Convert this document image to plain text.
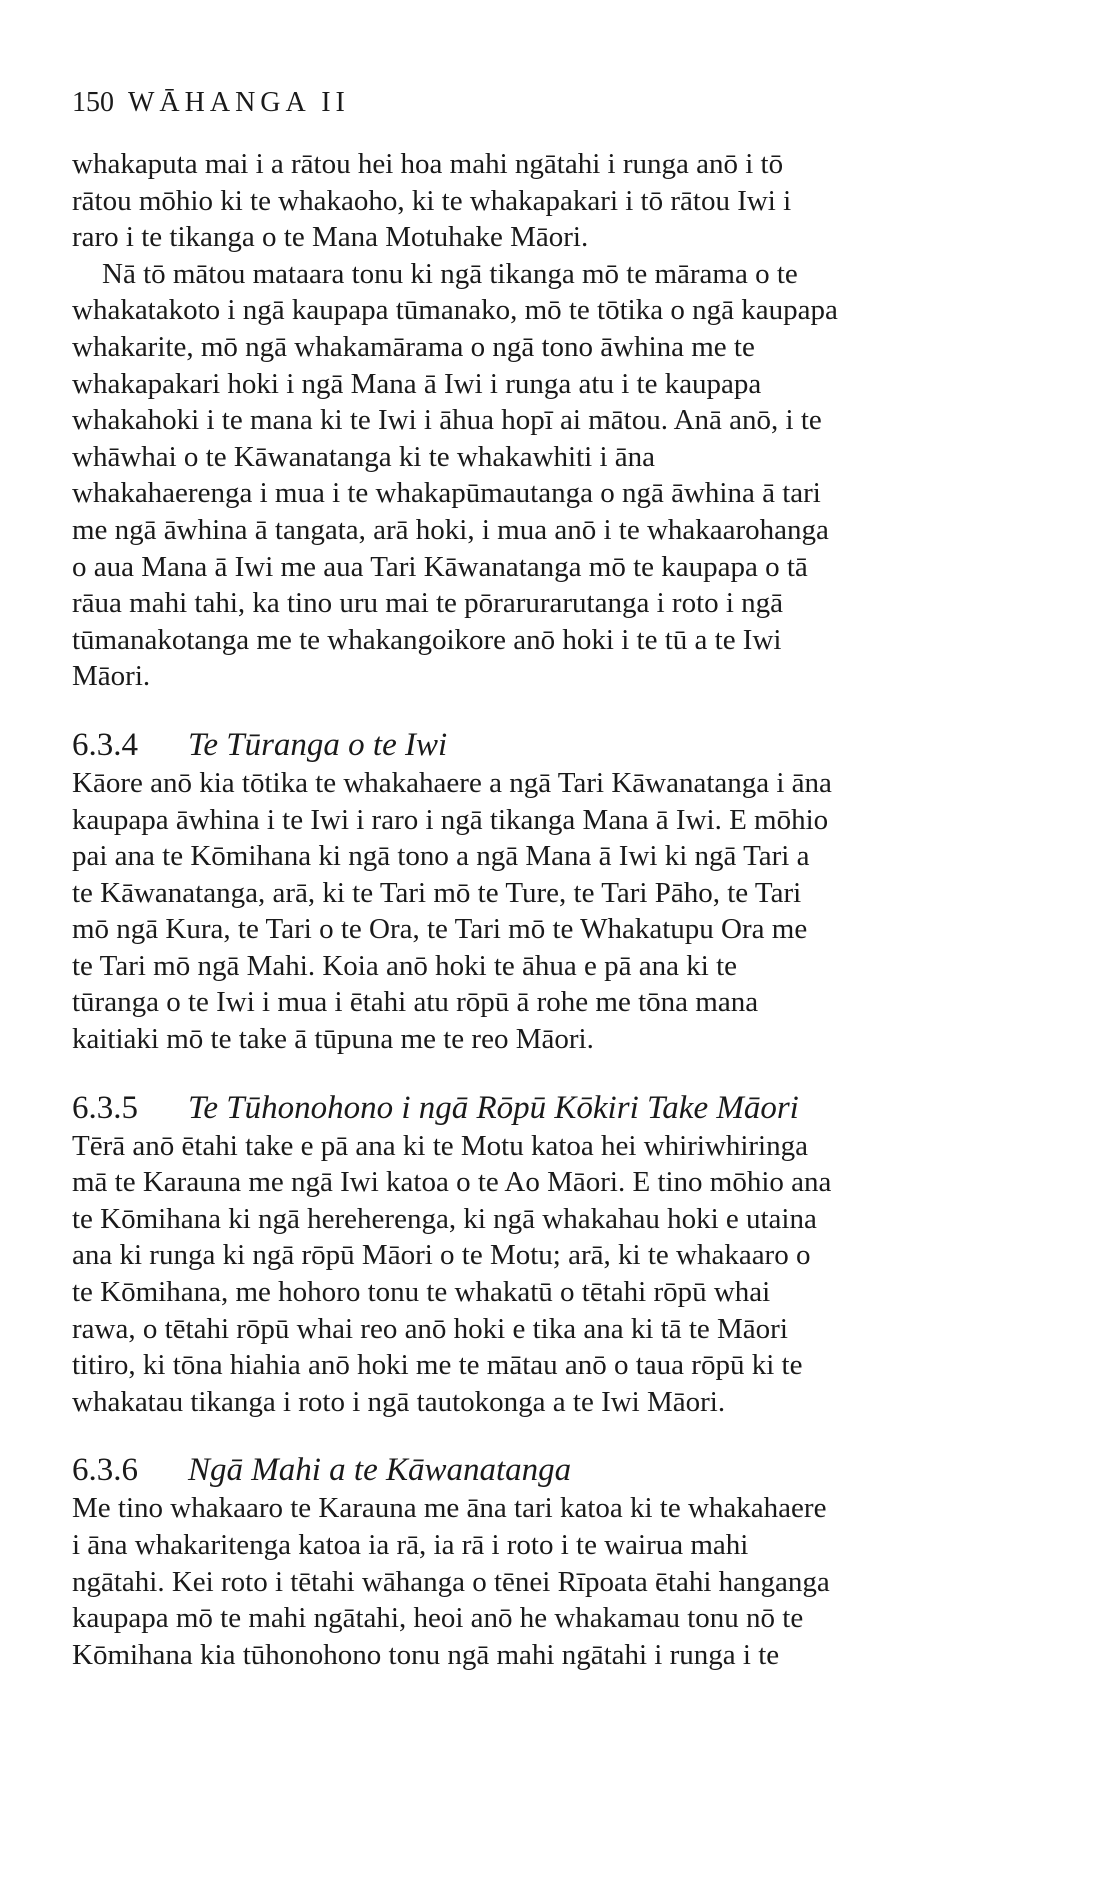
150 WĀHANGA II

whakaputa mai i a rātou hei hoa mahi ngātahi i runga anō i tō
rātou mōhio ki te whakaoho, ki te whakapakari i tō rātou Iwi i
raro i te tikanga o te Mana Motuhake Māori.

Nā tō mātou mataara tonu ki ngā tikanga mō te mārama o te
whakatakoto i ngā kaupapa tūmanako, mō te tōtika o ngā kaupapa
whakarite, mō ngā whakamārama o ngā tono āwhina me te
whakapakari hoki i ngā Mana ā Iwi i runga atu i te kaupapa
whakahoki i te mana ki te Iwi i āhua hopī ai mātou. Anā anō, i te
whāwhai o te Kāwanatanga ki te whakawhiti i āna
whakahaerenga i mua i te whakapūmautanga o ngā āwhina ā tari
me ngā āwhina ā tangata, arā hoki, i mua anō i te whakaarohanga
o aua Mana ā Iwi me aua Tari Kāwanatanga mō te kaupapa o tā
rāua mahi tahi, ka tino uru mai te pōrarurarutanga i roto i ngā
tūmanakotanga me te whakangoikore anō hoki i te tū a te Iwi
Māori.

6.3.4 Te Tūranga o te Iwi

Kāore anō kia tōtika te whakahaere a ngā Tari Kāwanatanga i āna
kaupapa āwhina i te Iwi i raro i ngā tikanga Mana ā Iwi. E mōhio
pai ana te Kōmihana ki ngā tono a ngā Mana ā Iwi ki ngā Tari a
te Kāwanatanga, arā, ki te Tari mō te Ture, te Tari Pāho, te Tari
mō ngā Kura, te Tari o te Ora, te Tari mō te Whakatupu Ora me
te Tari mō ngā Mahi. Koia anō hoki te āhua e pā ana ki te
tūranga o te Iwi i mua i ētahi atu rōpū ā rohe me tōna mana
kaitiaki mō te take ā tūpuna me te reo Māori.

6.3.5 Te Tūhonohono i ngā Rōpū Kōkiri Take Māori

Tērā anō ētahi take e pā ana ki te Motu katoa hei whiriwhiringa
mā te Karauna me ngā Iwi katoa o te Ao Māori. E tino mōhio ana
te Kōmihana ki ngā hereherenga, ki ngā whakahau hoki e utaina
ana ki runga ki ngā rōpū Māori o te Motu; arā, ki te whakaaro o
te Kōmihana, me hohoro tonu te whakatū o tētahi rōpū whai
rawa, o tētahi rōpū whai reo anō hoki e tika ana ki tā te Māori
titiro, ki tōna hiahia anō hoki me te mātau anō o taua rōpū ki te
whakatau tikanga i roto i ngā tautokonga a te Iwi Māori.

6.3.6 Ngā Mahi a te Kāwanatanga

Me tino whakaaro te Karauna me āna tari katoa ki te whakahaere
i āna whakaritenga katoa ia rā, ia rā i roto i te wairua mahi
ngātahi. Kei roto i tētahi wāhanga o tēnei Rīpoata ētahi hanganga
kaupapa mō te mahi ngātahi, heoi anō he whakamau tonu nō te
Kōmihana kia tūhonohono tonu ngā mahi ngātahi i runga i te
